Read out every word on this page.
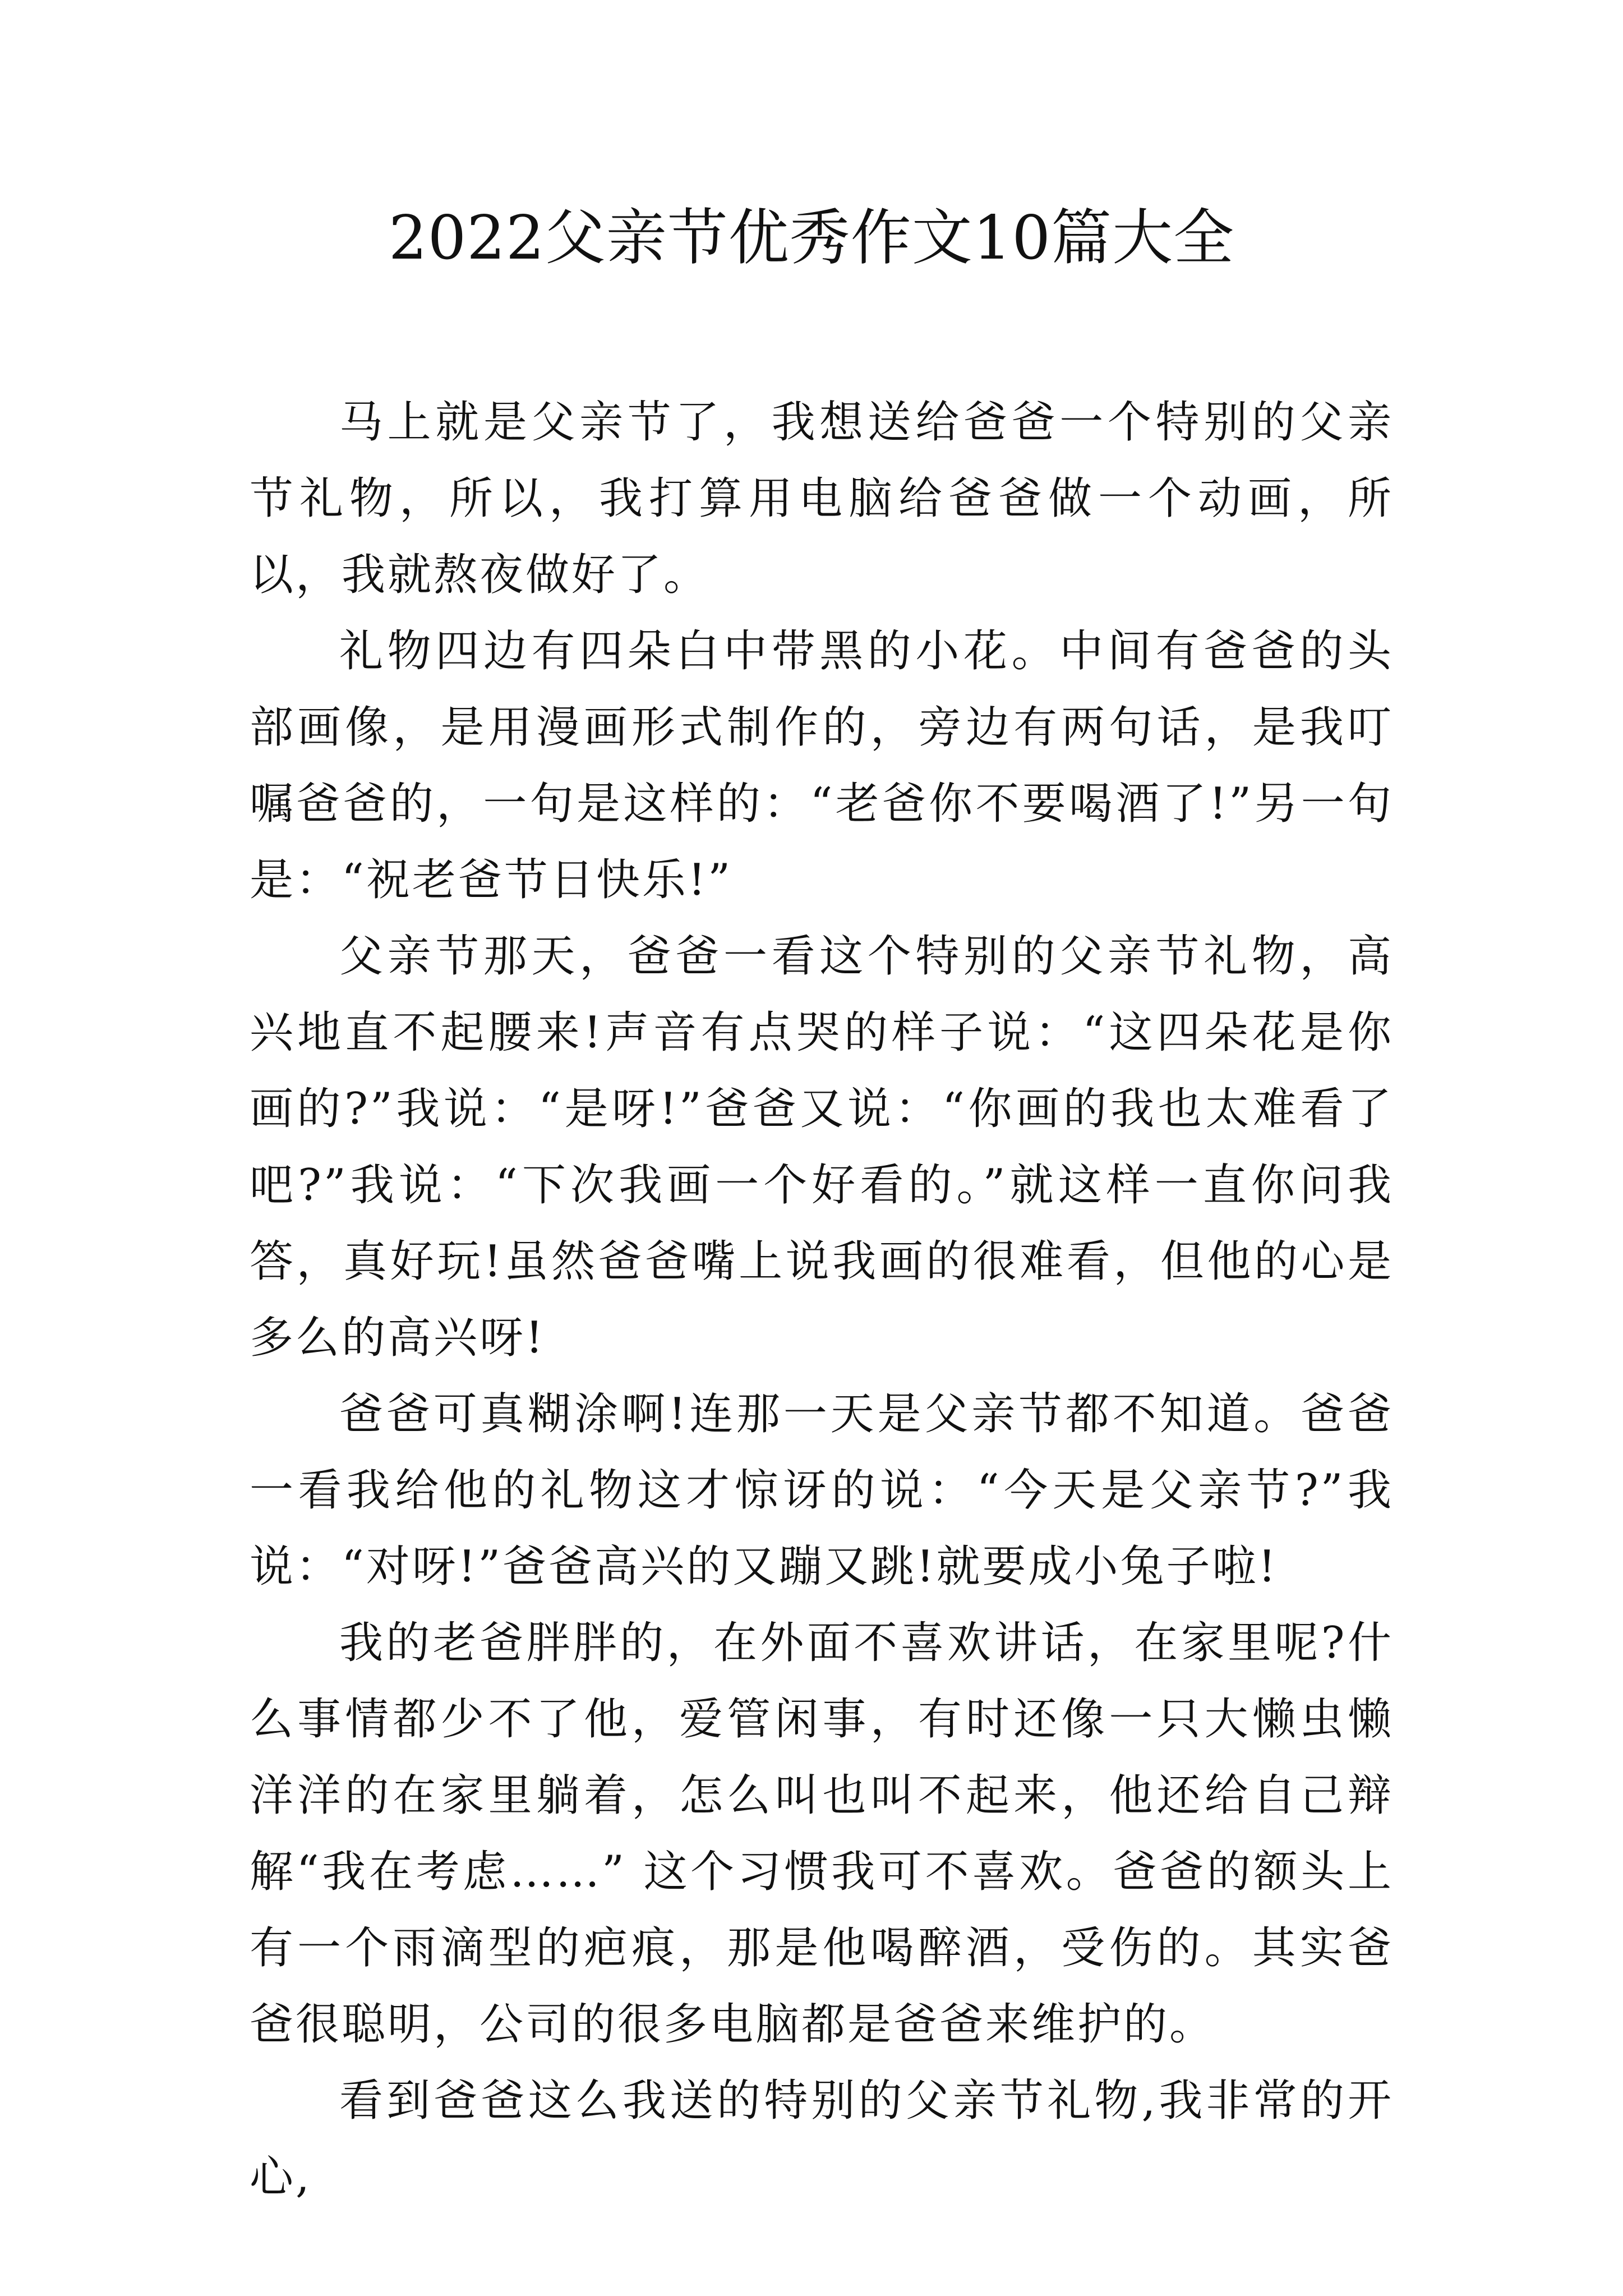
2022父亲节优秀作文10篇大全

马上就是父亲节了，我想送给爸爸一个特别的父亲节礼物，所以，我打算用电脑给爸爸做一个动画，所以，我就熬夜做好了。

礼物四边有四朵白中带黑的小花。中间有爸爸的头部画像，是用漫画形式制作的，旁边有两句话，是我叮嘱爸爸的，一句是这样的：“老爸你不要喝酒了!”另一句是：“祝老爸节日快乐!”

父亲节那天，爸爸一看这个特别的父亲节礼物，高兴地直不起腰来!声音有点哭的样子说：“这四朵花是你画的?”我说：“是呀!”爸爸又说：“你画的我也太难看了吧?”我说：“下次我画一个好看的。”就这样一直你问我答，真好玩!虽然爸爸嘴上说我画的很难看，但他的心是多么的高兴呀!

爸爸可真糊涂啊!连那一天是父亲节都不知道。爸爸一看我给他的礼物这才惊讶的说：“今天是父亲节?”我说：“对呀!”爸爸高兴的又蹦又跳!就要成小兔子啦!

我的老爸胖胖的，在外面不喜欢讲话，在家里呢?什么事情都少不了他，爱管闲事，有时还像一只大懒虫懒洋洋的在家里躺着，怎么叫也叫不起来，他还给自己辩解“我在考虑……” 这个习惯我可不喜欢。爸爸的额头上有一个雨滴型的疤痕，那是他喝醉酒，受伤的。其实爸爸很聪明，公司的很多电脑都是爸爸来维护的。

看到爸爸这么我送的特别的父亲节礼物,我非常的开心,
